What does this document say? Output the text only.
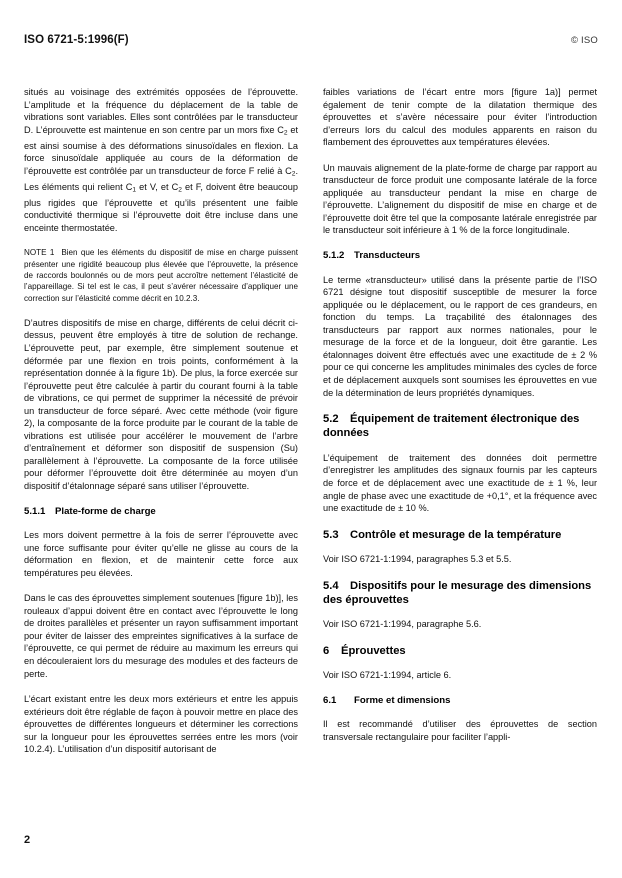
ISO 6721-5:1996(F)	© ISO

situés au voisinage des extrémités opposées de l’éprouvette. L’amplitude et la fréquence du déplacement de la table de vibrations sont variables. Elles sont contrôlées par le transducteur D. L’éprouvette est maintenue en son centre par un mors fixe $C_2$ et est ainsi soumise à des déformations sinusoïdales en flexion. La force sinusoïdale appliquée au cours de la déformation de l’éprouvette est contrôlée par un transducteur de force F relié à $C_2$. Les éléments qui relient $C_1$ et V, et $C_2$ et F, doivent être beaucoup plus rigides que l’éprouvette et qu’ils présentent une faible conductivité thermique si l’éprouvette doit être incluse dans une enceinte thermostatée.

NOTE 1 Bien que les éléments du dispositif de mise en charge puissent présenter une rigidité beaucoup plus élevée que l’éprouvette, la présence de raccords boulonnés ou de mors peut accroître nettement l’élasticité de l’appareillage. Si tel est le cas, il peut s’avérer nécessaire d’appliquer une correction sur l’élasticité comme décrit en 10.2.3.

D’autres dispositifs de mise en charge, différents de celui décrit ci-dessus, peuvent être employés à titre de solution de rechange. L’éprouvette peut, par exemple, être simplement soutenue et déformée par une flexion en trois points, conformément à la représentation donnée à la figure 1b). De plus, la force exercée sur l’éprouvette peut être calculée à partir du courant fourni à la table de vibrations, ce qui permet de supprimer la nécessité de prévoir un transducteur de force séparé. Avec cette méthode (voir figure 2), la composante de la force produite par le courant de la table de vibrations est utilisée pour accélérer le mouvement de l’arbre d’entraînement et déformer son dispositif de suspension (Su) parallèlement à l’éprouvette. La composante de la force utilisée pour déformer l’éprouvette doit être déterminée au moyen d’un dispositif d’étalonnage séparé sans utiliser l’éprouvette.

5.1.1 Plate-forme de charge

Les mors doivent permettre à la fois de serrer l’éprouvette avec une force suffisante pour éviter qu’elle ne glisse au cours de la déformation en flexion, et de maintenir cette force aux températures peu élevées.

Dans le cas des éprouvettes simplement soutenues [figure 1b)], les rouleaux d’appui doivent être en contact avec l’éprouvette le long de droites parallèles et présenter un rayon suffisamment important pour éviter de laisser des empreintes significatives à la surface de l’éprouvette, ce qui permet de réduire au maximum les erreurs qui en découleraient lors du mesurage des modules et des facteurs de perte.

L’écart existant entre les deux mors extérieurs et entre les appuis extérieurs doit être réglable de façon à pouvoir mettre en place des éprouvettes de différentes longueurs et déterminer les corrections sur la longueur pour les éprouvettes serrées entre les mors (voir 10.2.4). L’utilisation d’un dispositif autorisant de

faibles variations de l’écart entre mors [figure 1a)] permet également de tenir compte de la dilatation thermique des éprouvettes et s’avère nécessaire pour éviter l’introduction d’erreurs lors du calcul des modules apparents en raison du flambement des éprouvettes aux températures élevées.

Un mauvais alignement de la plate-forme de charge par rapport au transducteur de force produit une composante latérale de la force appliquée au transducteur pendant la mise en charge de l’éprouvette. L’alignement du dispositif de mise en charge et de l’éprouvette doit être tel que la composante latérale enregistrée par le transducteur soit inférieure à 1 % de la force longitudinale.

5.1.2 Transducteurs

Le terme «transducteur» utilisé dans la présente partie de l’ISO 6721 désigne tout dispositif susceptible de mesurer la force appliquée ou le déplacement, ou le rapport de ces grandeurs, en fonction du temps. La traçabilité des étalonnages des transducteurs par rapport aux normes nationales, pour le mesurage de la force et de la longueur, doit être garantie. Les étalonnages doivent être effectués avec une exactitude de ± 2 % pour ce qui concerne les amplitudes minimales des cycles de force et de déplacement auxquels sont soumises les éprouvettes en vue de la détermination de leurs propriétés dynamiques.

5.2 Équipement de traitement électronique des données

L’équipement de traitement des données doit permettre d’enregistrer les amplitudes des signaux fournis par les capteurs de force et de déplacement avec une exactitude de ± 1 %, leur angle de phase avec une exactitude de +0,1°, et la fréquence avec une exactitude de ± 10 %.

5.3 Contrôle et mesurage de la température

Voir ISO 6721-1:1994, paragraphes 5.3 et 5.5.

5.4 Dispositifs pour le mesurage des dimensions des éprouvettes

Voir ISO 6721-1:1994, paragraphe 5.6.

6 Éprouvettes

Voir ISO 6721-1:1994, article 6.

6.1 Forme et dimensions

Il est recommandé d’utiliser des éprouvettes de section transversale rectangulaire pour faciliter l’appli-

2
